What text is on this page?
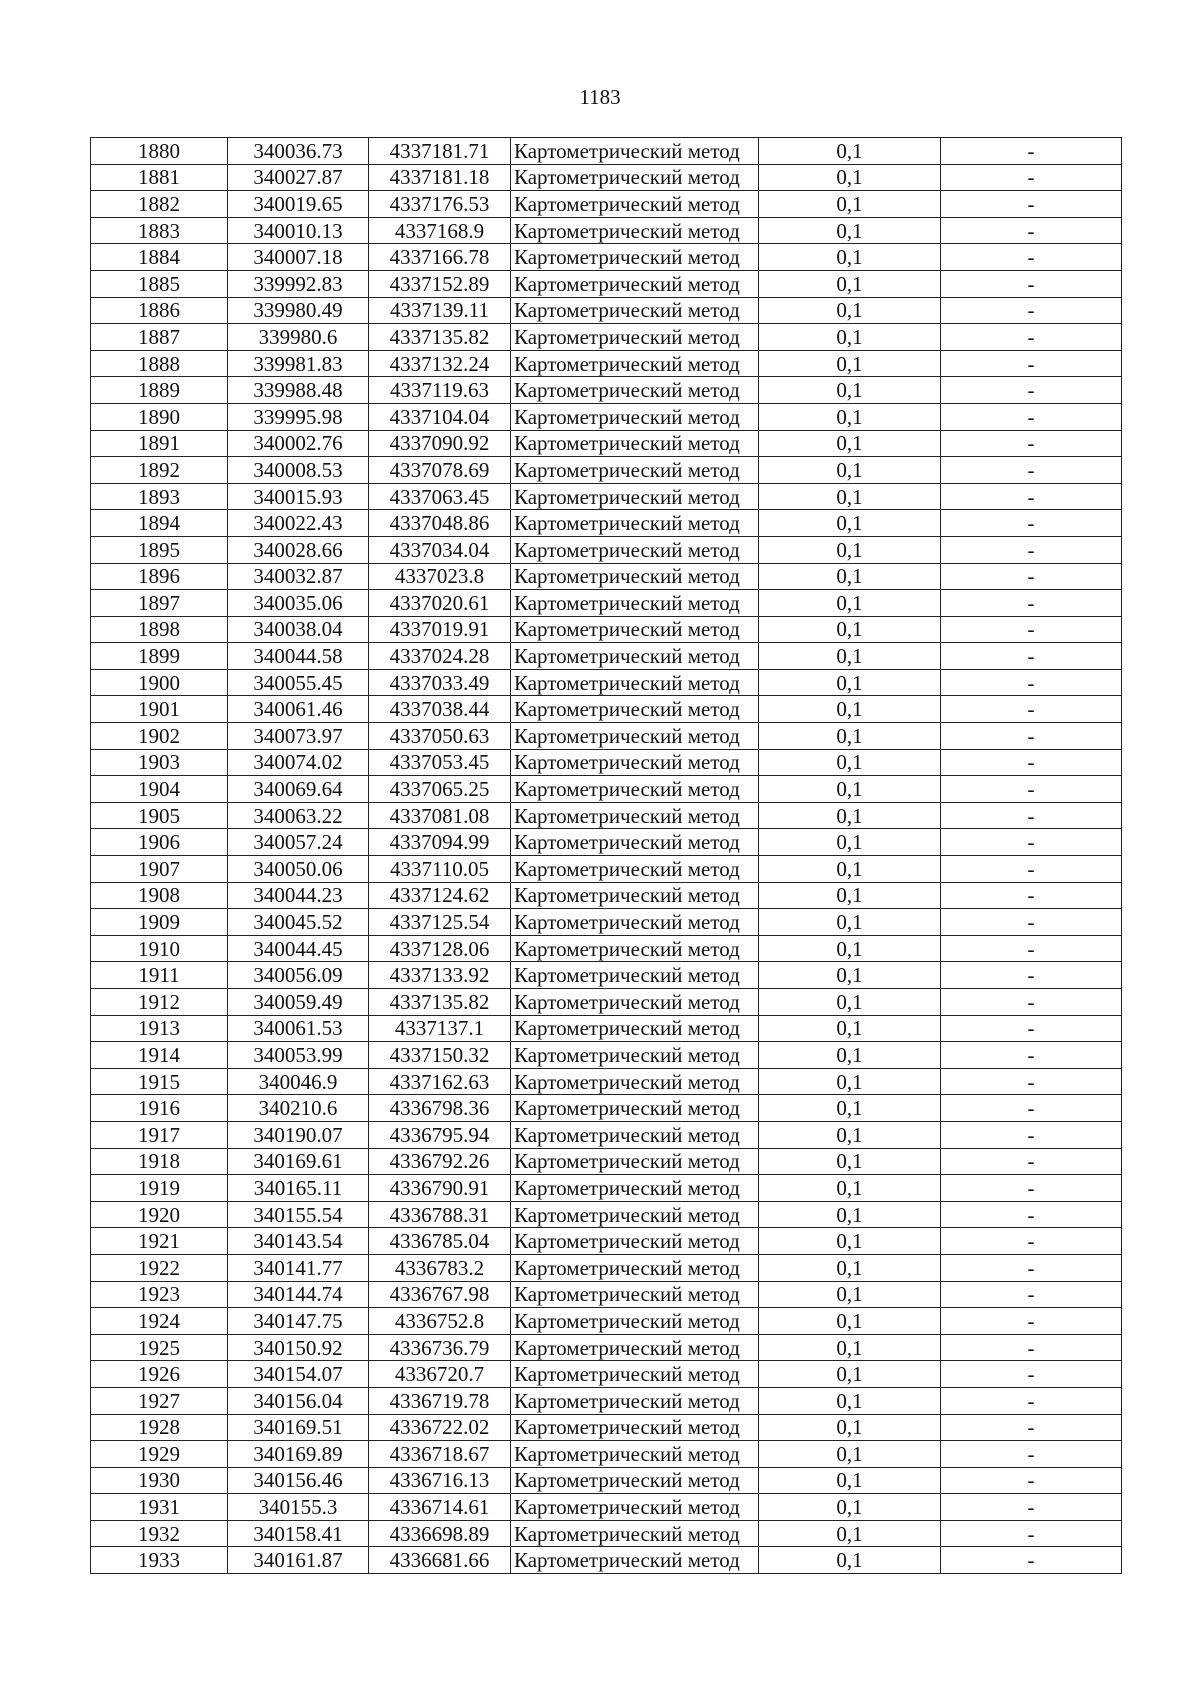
1183
1880	340036.73	4337181.71	Картометрический метод	0,1	-
1881	340027.87	4337181.18	Картометрический метод	0,1	-
1882	340019.65	4337176.53	Картометрический метод	0,1	-
1883	340010.13	4337168.9	Картометрический метод	0,1	-
1884	340007.18	4337166.78	Картометрический метод	0,1	-
1885	339992.83	4337152.89	Картометрический метод	0,1	-
1886	339980.49	4337139.11	Картометрический метод	0,1	-
1887	339980.6	4337135.82	Картометрический метод	0,1	-
1888	339981.83	4337132.24	Картометрический метод	0,1	-
1889	339988.48	4337119.63	Картометрический метод	0,1	-
1890	339995.98	4337104.04	Картометрический метод	0,1	-
1891	340002.76	4337090.92	Картометрический метод	0,1	-
1892	340008.53	4337078.69	Картометрический метод	0,1	-
1893	340015.93	4337063.45	Картометрический метод	0,1	-
1894	340022.43	4337048.86	Картометрический метод	0,1	-
1895	340028.66	4337034.04	Картометрический метод	0,1	-
1896	340032.87	4337023.8	Картометрический метод	0,1	-
1897	340035.06	4337020.61	Картометрический метод	0,1	-
1898	340038.04	4337019.91	Картометрический метод	0,1	-
1899	340044.58	4337024.28	Картометрический метод	0,1	-
1900	340055.45	4337033.49	Картометрический метод	0,1	-
1901	340061.46	4337038.44	Картометрический метод	0,1	-
1902	340073.97	4337050.63	Картометрический метод	0,1	-
1903	340074.02	4337053.45	Картометрический метод	0,1	-
1904	340069.64	4337065.25	Картометрический метод	0,1	-
1905	340063.22	4337081.08	Картометрический метод	0,1	-
1906	340057.24	4337094.99	Картометрический метод	0,1	-
1907	340050.06	4337110.05	Картометрический метод	0,1	-
1908	340044.23	4337124.62	Картометрический метод	0,1	-
1909	340045.52	4337125.54	Картометрический метод	0,1	-
1910	340044.45	4337128.06	Картометрический метод	0,1	-
1911	340056.09	4337133.92	Картометрический метод	0,1	-
1912	340059.49	4337135.82	Картометрический метод	0,1	-
1913	340061.53	4337137.1	Картометрический метод	0,1	-
1914	340053.99	4337150.32	Картометрический метод	0,1	-
1915	340046.9	4337162.63	Картометрический метод	0,1	-
1916	340210.6	4336798.36	Картометрический метод	0,1	-
1917	340190.07	4336795.94	Картометрический метод	0,1	-
1918	340169.61	4336792.26	Картометрический метод	0,1	-
1919	340165.11	4336790.91	Картометрический метод	0,1	-
1920	340155.54	4336788.31	Картометрический метод	0,1	-
1921	340143.54	4336785.04	Картометрический метод	0,1	-
1922	340141.77	4336783.2	Картометрический метод	0,1	-
1923	340144.74	4336767.98	Картометрический метод	0,1	-
1924	340147.75	4336752.8	Картометрический метод	0,1	-
1925	340150.92	4336736.79	Картометрический метод	0,1	-
1926	340154.07	4336720.7	Картометрический метод	0,1	-
1927	340156.04	4336719.78	Картометрический метод	0,1	-
1928	340169.51	4336722.02	Картометрический метод	0,1	-
1929	340169.89	4336718.67	Картометрический метод	0,1	-
1930	340156.46	4336716.13	Картометрический метод	0,1	-
1931	340155.3	4336714.61	Картометрический метод	0,1	-
1932	340158.41	4336698.89	Картометрический метод	0,1	-
1933	340161.87	4336681.66	Картометрический метод	0,1	-
